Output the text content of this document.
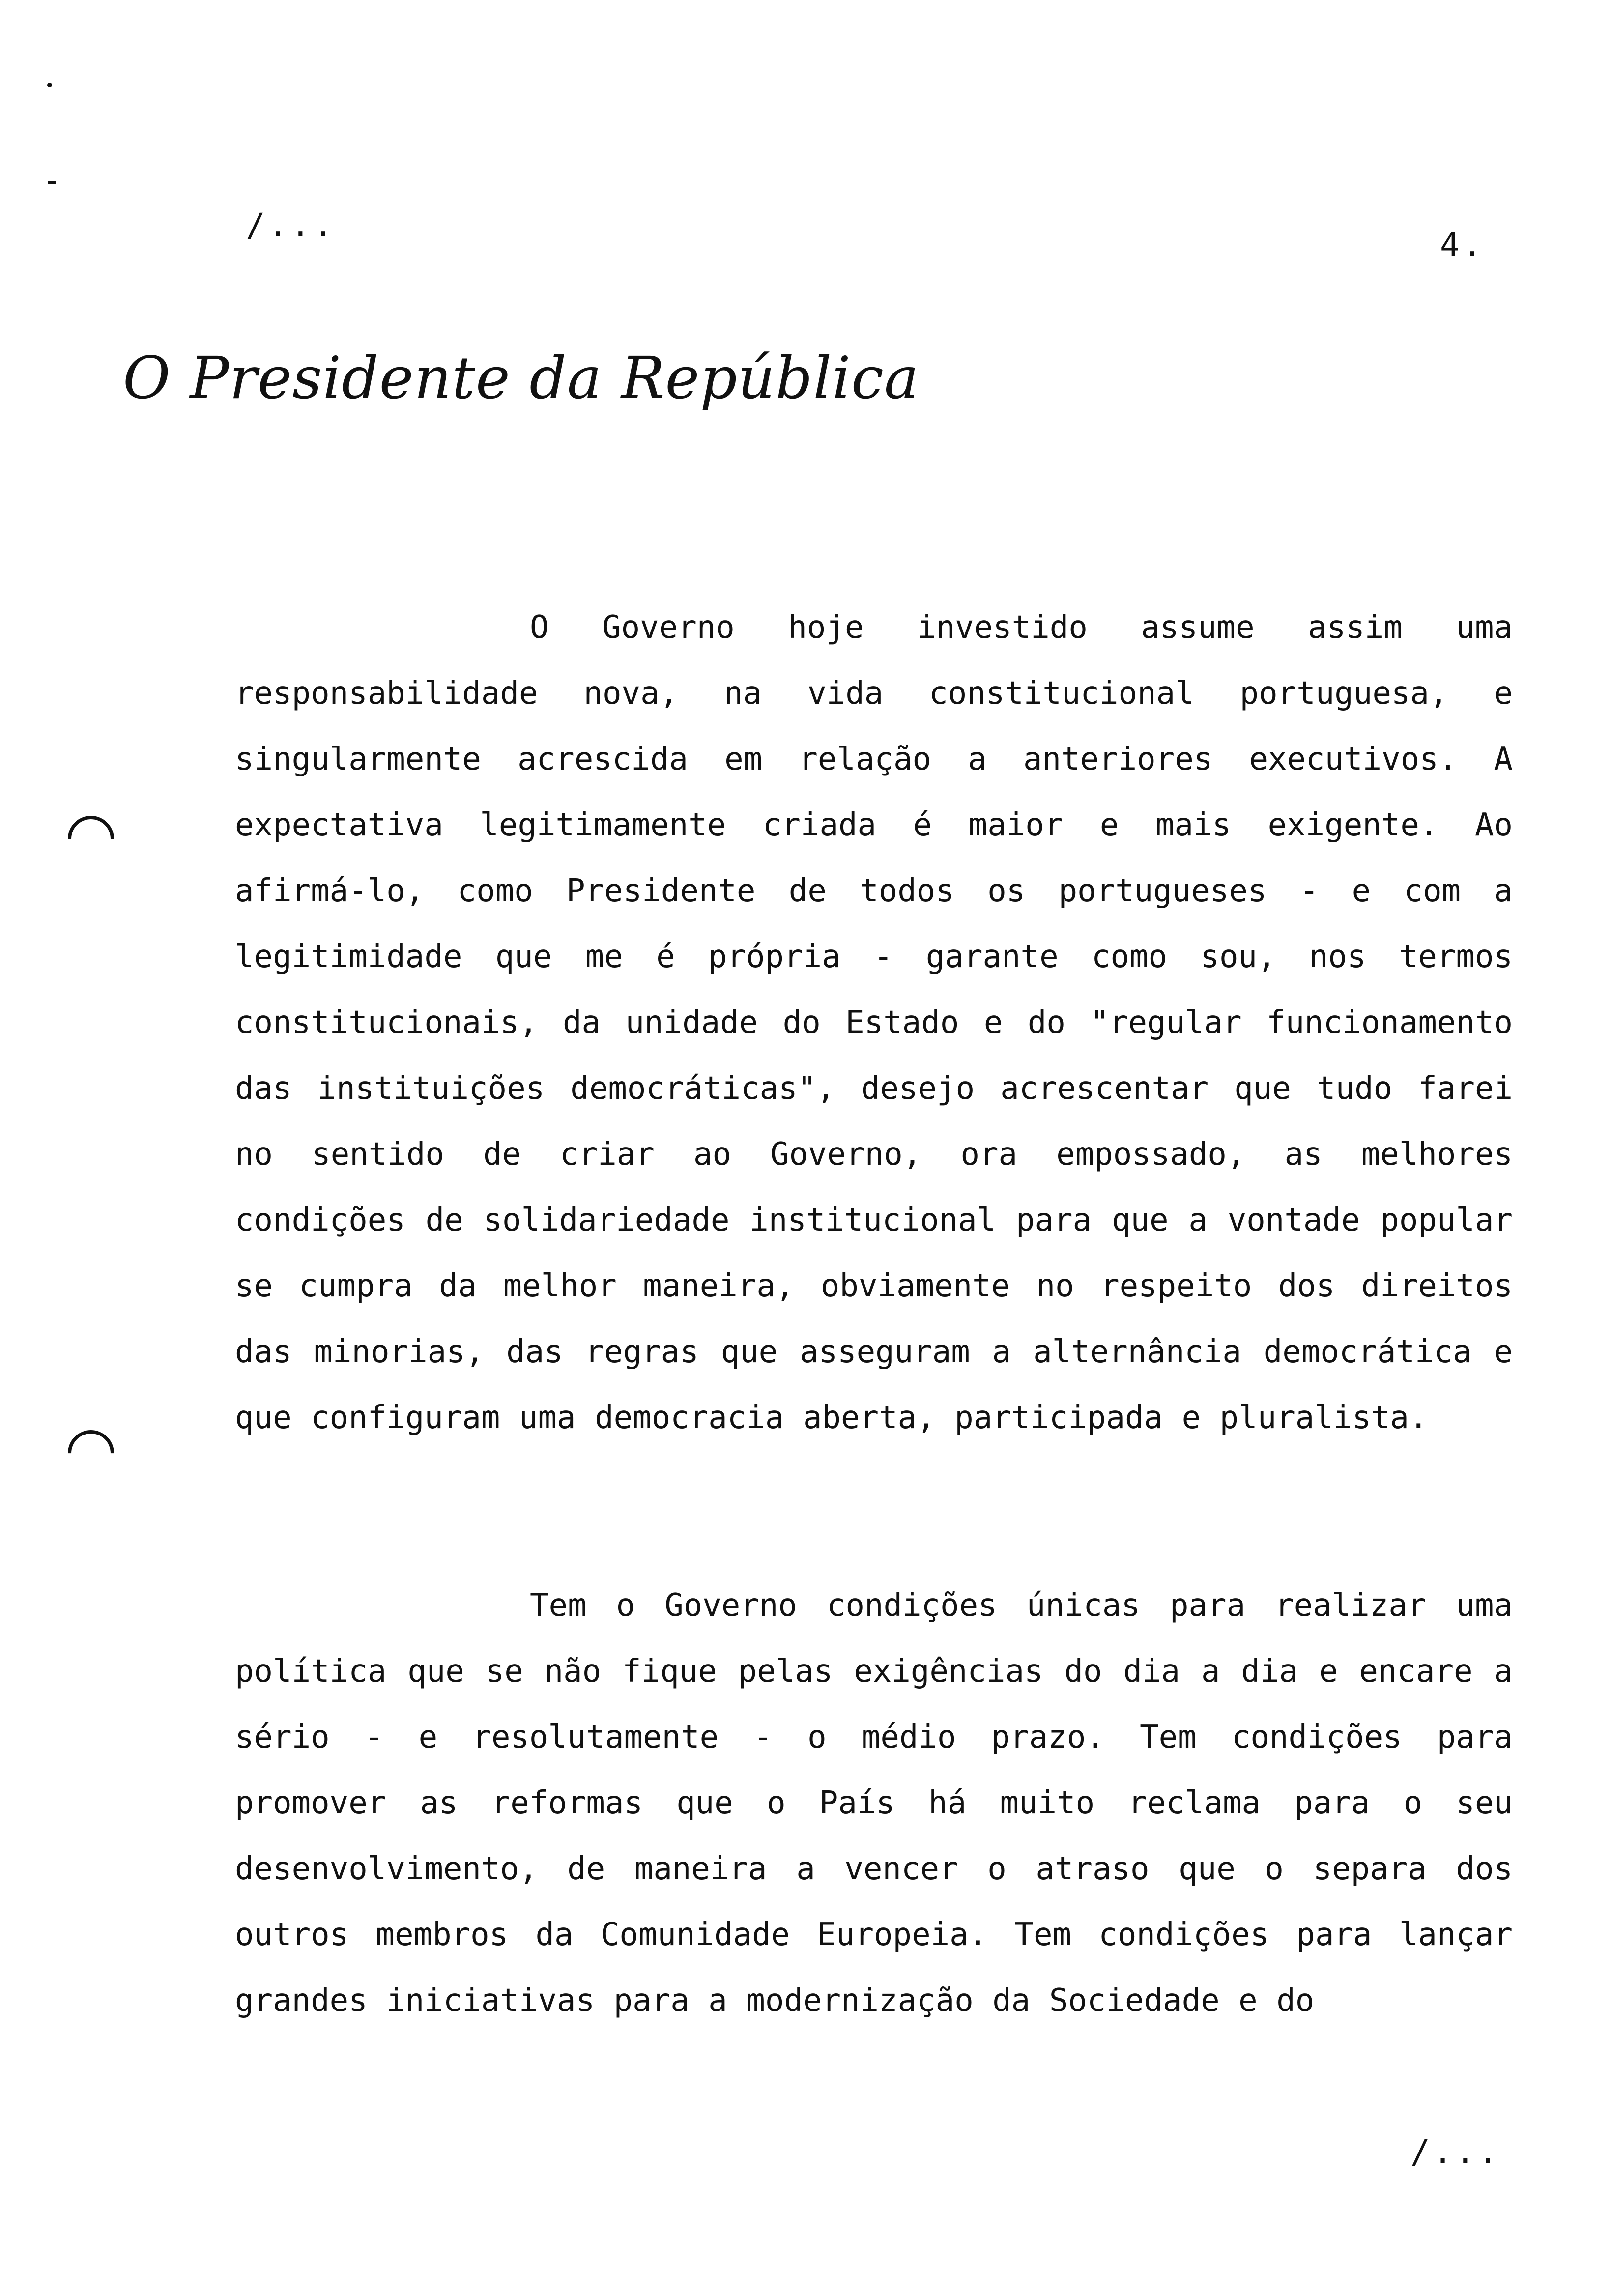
/...
4.
O Presidente da República

O Governo hoje investido assume assim uma responsabilidade nova, na vida constitucional portuguesa, e singularmente acrescida em relação a anteriores executivos. A expectativa legitimamente criada é maior e mais exigente. Ao afirmá-lo, como Presidente de todos os portugueses - e com a legitimidade que me é própria - garante como sou, nos termos constitucionais, da unidade do Estado e do "regular funcionamento das instituições democráticas", desejo acrescentar que tudo farei no sentido de criar ao Governo, ora empossado, as melhores condições de solidariedade institucional para que a vontade popular se cumpra da melhor maneira, obviamente no respeito dos direitos das minorias, das regras que asseguram a alternância democrática e que configuram uma democracia aberta, participada e pluralista.

Tem o Governo condições únicas para realizar uma política que se não fique pelas exigências do dia a dia e encare a sério - e resolutamente - o médio prazo. Tem condições para promover as reformas que o País há muito reclama para o seu desenvolvimento, de maneira a vencer o atraso que o separa dos outros membros da Comunidade Europeia. Tem condições para lançar grandes iniciativas para a modernização da Sociedade e do

/...
